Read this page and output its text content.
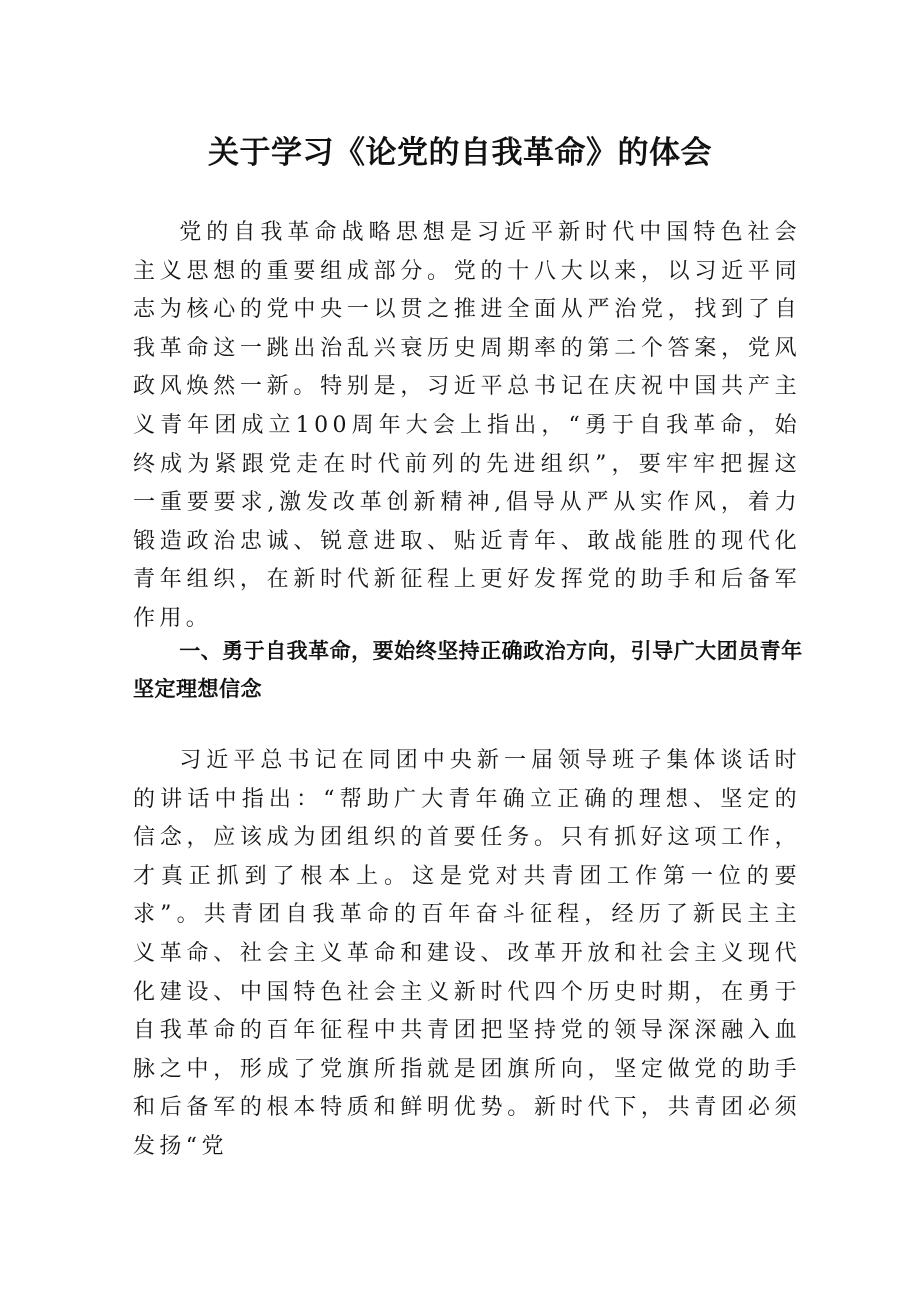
关于学习《论党的自我革命》的体会

党的自我革命战略思想是习近平新时代中国特色社会主义思想的重要组成部分。党的十八大以来，以习近平同志为核心的党中央一以贯之推进全面从严治党，找到了自我革命这一跳出治乱兴衰历史周期率的第二个答案，党风政风焕然一新。特别是，习近平总书记在庆祝中国共产主义青年团成立100周年大会上指出，“勇于自我革命，始终成为紧跟党走在时代前列的先进组织”，要牢牢把握这一重要要求,激发改革创新精神,倡导从严从实作风，着力锻造政治忠诚、锐意进取、贴近青年、敢战能胜的现代化青年组织，在新时代新征程上更好发挥党的助手和后备军作用。

一、勇于自我革命，要始终坚持正确政治方向，引导广大团员青年坚定理想信念

习近平总书记在同团中央新一届领导班子集体谈话时的讲话中指出：“帮助广大青年确立正确的理想、坚定的信念，应该成为团组织的首要任务。只有抓好这项工作，才真正抓到了根本上。这是党对共青团工作第一位的要求”。共青团自我革命的百年奋斗征程，经历了新民主主义革命、社会主义革命和建设、改革开放和社会主义现代化建设、中国特色社会主义新时代四个历史时期，在勇于自我革命的百年征程中共青团把坚持党的领导深深融入血脉之中，形成了党旗所指就是团旗所向，坚定做党的助手和后备军的根本特质和鲜明优势。新时代下，共青团必须发扬“党
